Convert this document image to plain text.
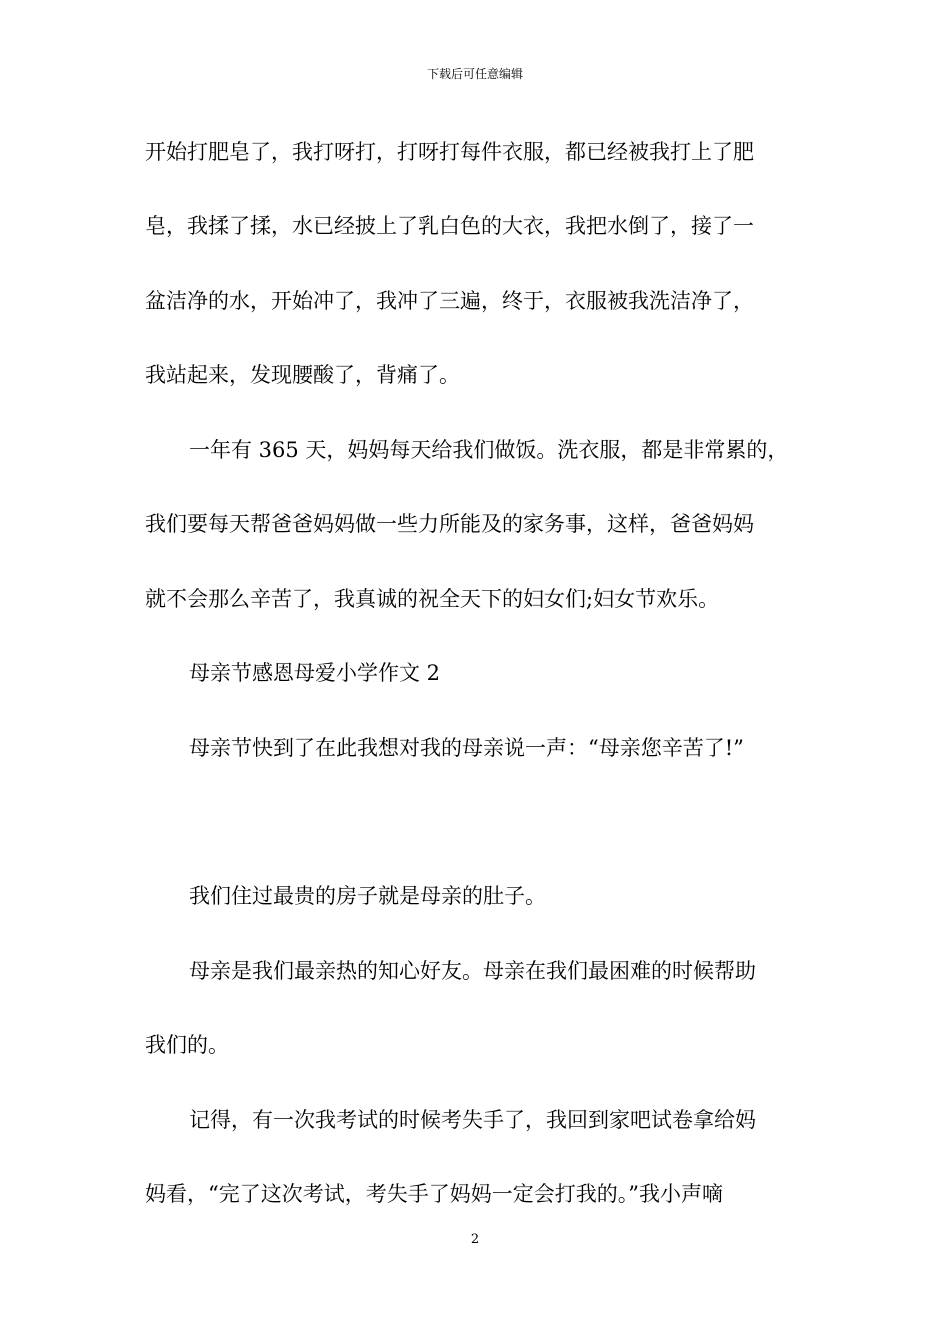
下载后可任意编辑
开始打肥皂了，我打呀打，打呀打每件衣服，都已经被我打上了肥
皂，我揉了揉，水已经披上了乳白色的大衣，我把水倒了，接了一
盆洁净的水，开始冲了，我冲了三遍，终于，衣服被我洗洁净了，
我站起来，发现腰酸了，背痛了。
一年有 365 天，妈妈每天给我们做饭。洗衣服，都是非常累的，
我们要每天帮爸爸妈妈做一些力所能及的家务事，这样，爸爸妈妈
就不会那么辛苦了，我真诚的祝全天下的妇女们;妇女节欢乐。
母亲节感恩母爱小学作文 2
母亲节快到了在此我想对我的母亲说一声：“母亲您辛苦了!”
我们住过最贵的房子就是母亲的肚子。
母亲是我们最亲热的知心好友。母亲在我们最困难的时候帮助
我们的。
记得，有一次我考试的时候考失手了，我回到家吧试卷拿给妈
妈看，“完了这次考试，考失手了妈妈一定会打我的。”我小声嘀
2
